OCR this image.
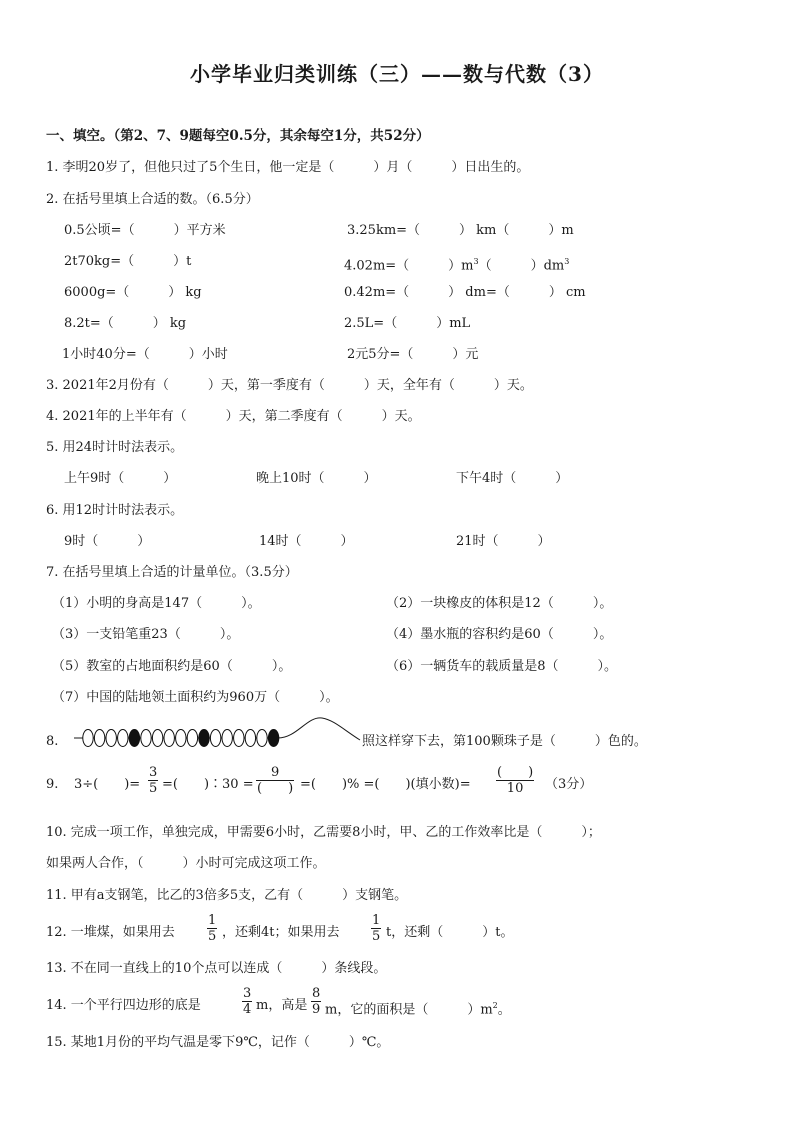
小学毕业归类训练（三）——数与代数（3）
一、填空。（第2、7、9题每空0.5分，其余每空1分，共52分）
1. 李明20岁了，但他只过了5个生日，他一定是（　　　）月（　　　）日出生的。
2. 在括号里填上合适的数。（6.5分）
0.5公顷=（　　　）平方米	3.25km=（　　　） km（　　　）m
2t70kg=（　　　）t	4.02m=（　　　）$m^3$（　　　）$dm^3$
6000g=（　　　） kg	0.42m=（　　　） dm=（　　　） cm
8.2t=（　　　） kg	2.5L=（　　　）mL
1小时40分=（　　　）小时	2元5分=（　　　）元
3. 2021年2月份有（　　　）天，第一季度有（　　　）天，全年有（　　　）天。
4. 2021年的上半年有（　　　）天，第二季度有（　　　）天。
5. 用24时计时法表示。
上午9时（　　　）	晚上10时（　　　）	下午4时（　　　）
6. 用12时计时法表示。
9时（　　　）	14时（　　　）	21时（　　　）
7. 在括号里填上合适的计量单位。（3.5分）
（1）小明的身高是147（　　　）。	（2）一块橡皮的体积是12（　　　）。
（3）一支铅笔重23（　　　）。	（4）墨水瓶的容积约是60（　　　）。
（5）教室的占地面积约是60（　　　）。	（6）一辆货车的载质量是8（　　　）。
（7）中国的陆地领土面积约为960万（　　　）。
8.	照这样穿下去，第100颗珠子是（　　　）色的。
9. 3÷(　　)= $\frac{3}{5}$ =(　　)∶30 =
9
(　　) =(　　)% =(　　)(填小数)=
(　　)
10	（3分）
10. 完成一项工作，单独完成，甲需要6小时，乙需要8小时，甲、乙的工作效率比是（　　　）；
如果两人合作，（　　　）小时可完成这项工作。
11. 甲有a支钢笔，比乙的3倍多5支，乙有（　　　）支钢笔。
12. 一堆煤，如果用去 $\frac{1}{5}$ ，还剩4t；如果用去 $\frac{1}{5}$ t，还剩（　　　）t。
13. 不在同一直线上的10个点可以连成（　　　）条线段。
14. 一个平行四边形的底是	$\frac{3}{4}$ m，高是 $\frac{8}{9}$ m，它的面积是（　　　）$m^2$。
15. 某地1月份的平均气温是零下9℃，记作（　　　）℃。
